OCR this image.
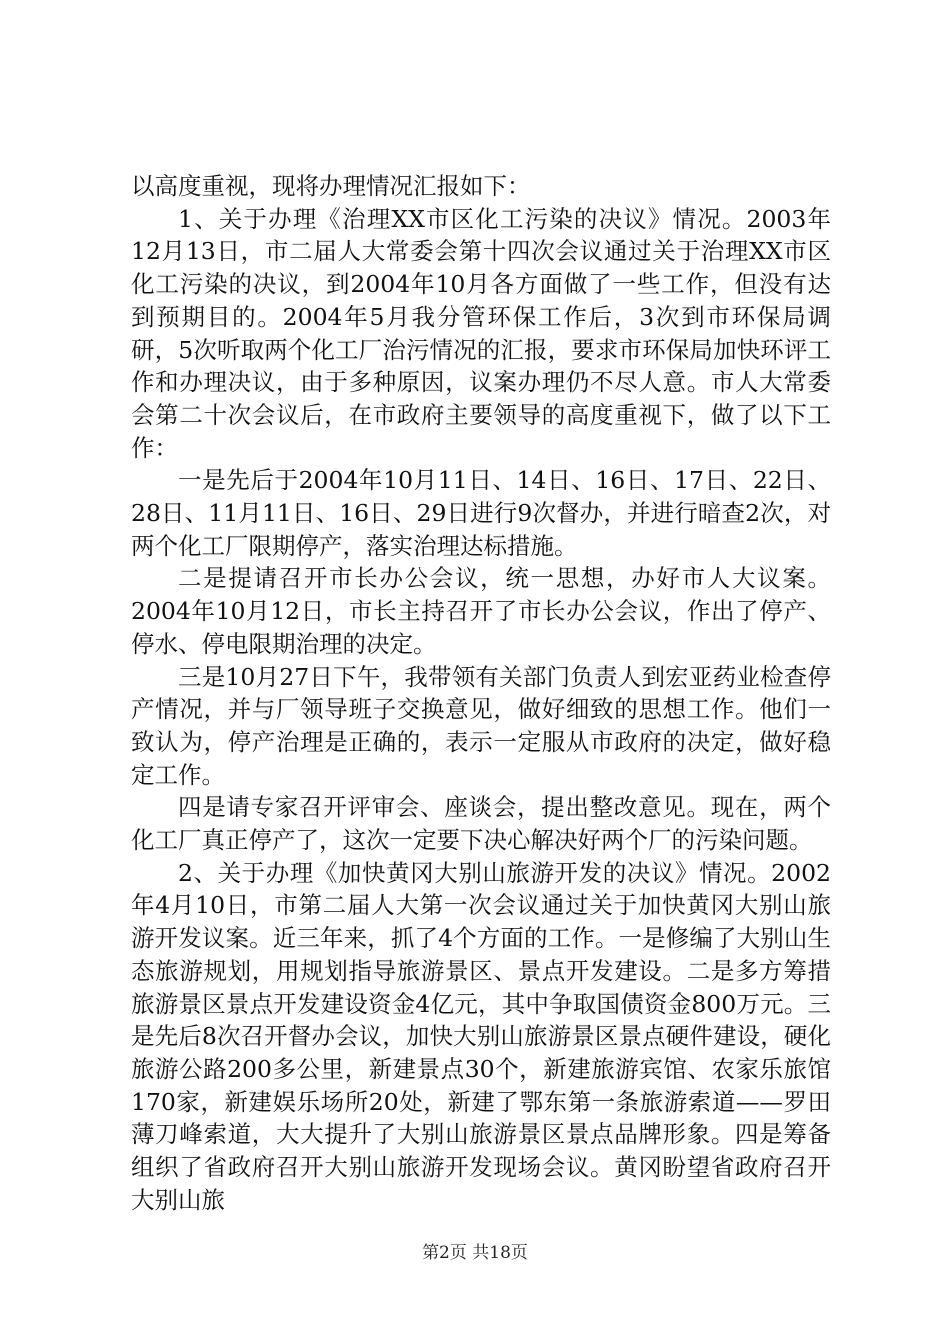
以高度重视，现将办理情况汇报如下：

1、关于办理《治理XX市区化工污染的决议》情况。2003年12月13日，市二届人大常委会第十四次会议通过关于治理XX市区化工污染的决议，到2004年10月各方面做了一些工作，但没有达到预期目的。2004年5月我分管环保工作后，3次到市环保局调研，5次听取两个化工厂治污情况的汇报，要求市环保局加快环评工作和办理决议，由于多种原因，议案办理仍不尽人意。市人大常委会第二十次会议后，在市政府主要领导的高度重视下，做了以下工作：

一是先后于2004年10月11日、14日、16日、17日、22日、28日、11月11日、16日、29日进行9次督办，并进行暗查2次，对两个化工厂限期停产，落实治理达标措施。

二是提请召开市长办公会议，统一思想，办好市人大议案。2004年10月12日，市长主持召开了市长办公会议，作出了停产、停水、停电限期治理的决定。

三是10月27日下午，我带领有关部门负责人到宏亚药业检查停产情况，并与厂领导班子交换意见，做好细致的思想工作。他们一致认为，停产治理是正确的，表示一定服从市政府的决定，做好稳定工作。

四是请专家召开评审会、座谈会，提出整改意见。现在，两个化工厂真正停产了，这次一定要下决心解决好两个厂的污染问题。

2、关于办理《加快黄冈大别山旅游开发的决议》情况。2002年4月10日，市第二届人大第一次会议通过关于加快黄冈大别山旅游开发议案。近三年来，抓了4个方面的工作。一是修编了大别山生态旅游规划，用规划指导旅游景区、景点开发建设。二是多方筹措旅游景区景点开发建设资金4亿元，其中争取国债资金800万元。三是先后8次召开督办会议，加快大别山旅游景区景点硬件建设，硬化旅游公路200多公里，新建景点30个，新建旅游宾馆、农家乐旅馆170家，新建娱乐场所20处，新建了鄂东第一条旅游索道——罗田薄刀峰索道，大大提升了大别山旅游景区景点品牌形象。四是筹备组织了省政府召开大别山旅游开发现场会议。黄冈盼望省政府召开大别山旅

第2页 共18页
